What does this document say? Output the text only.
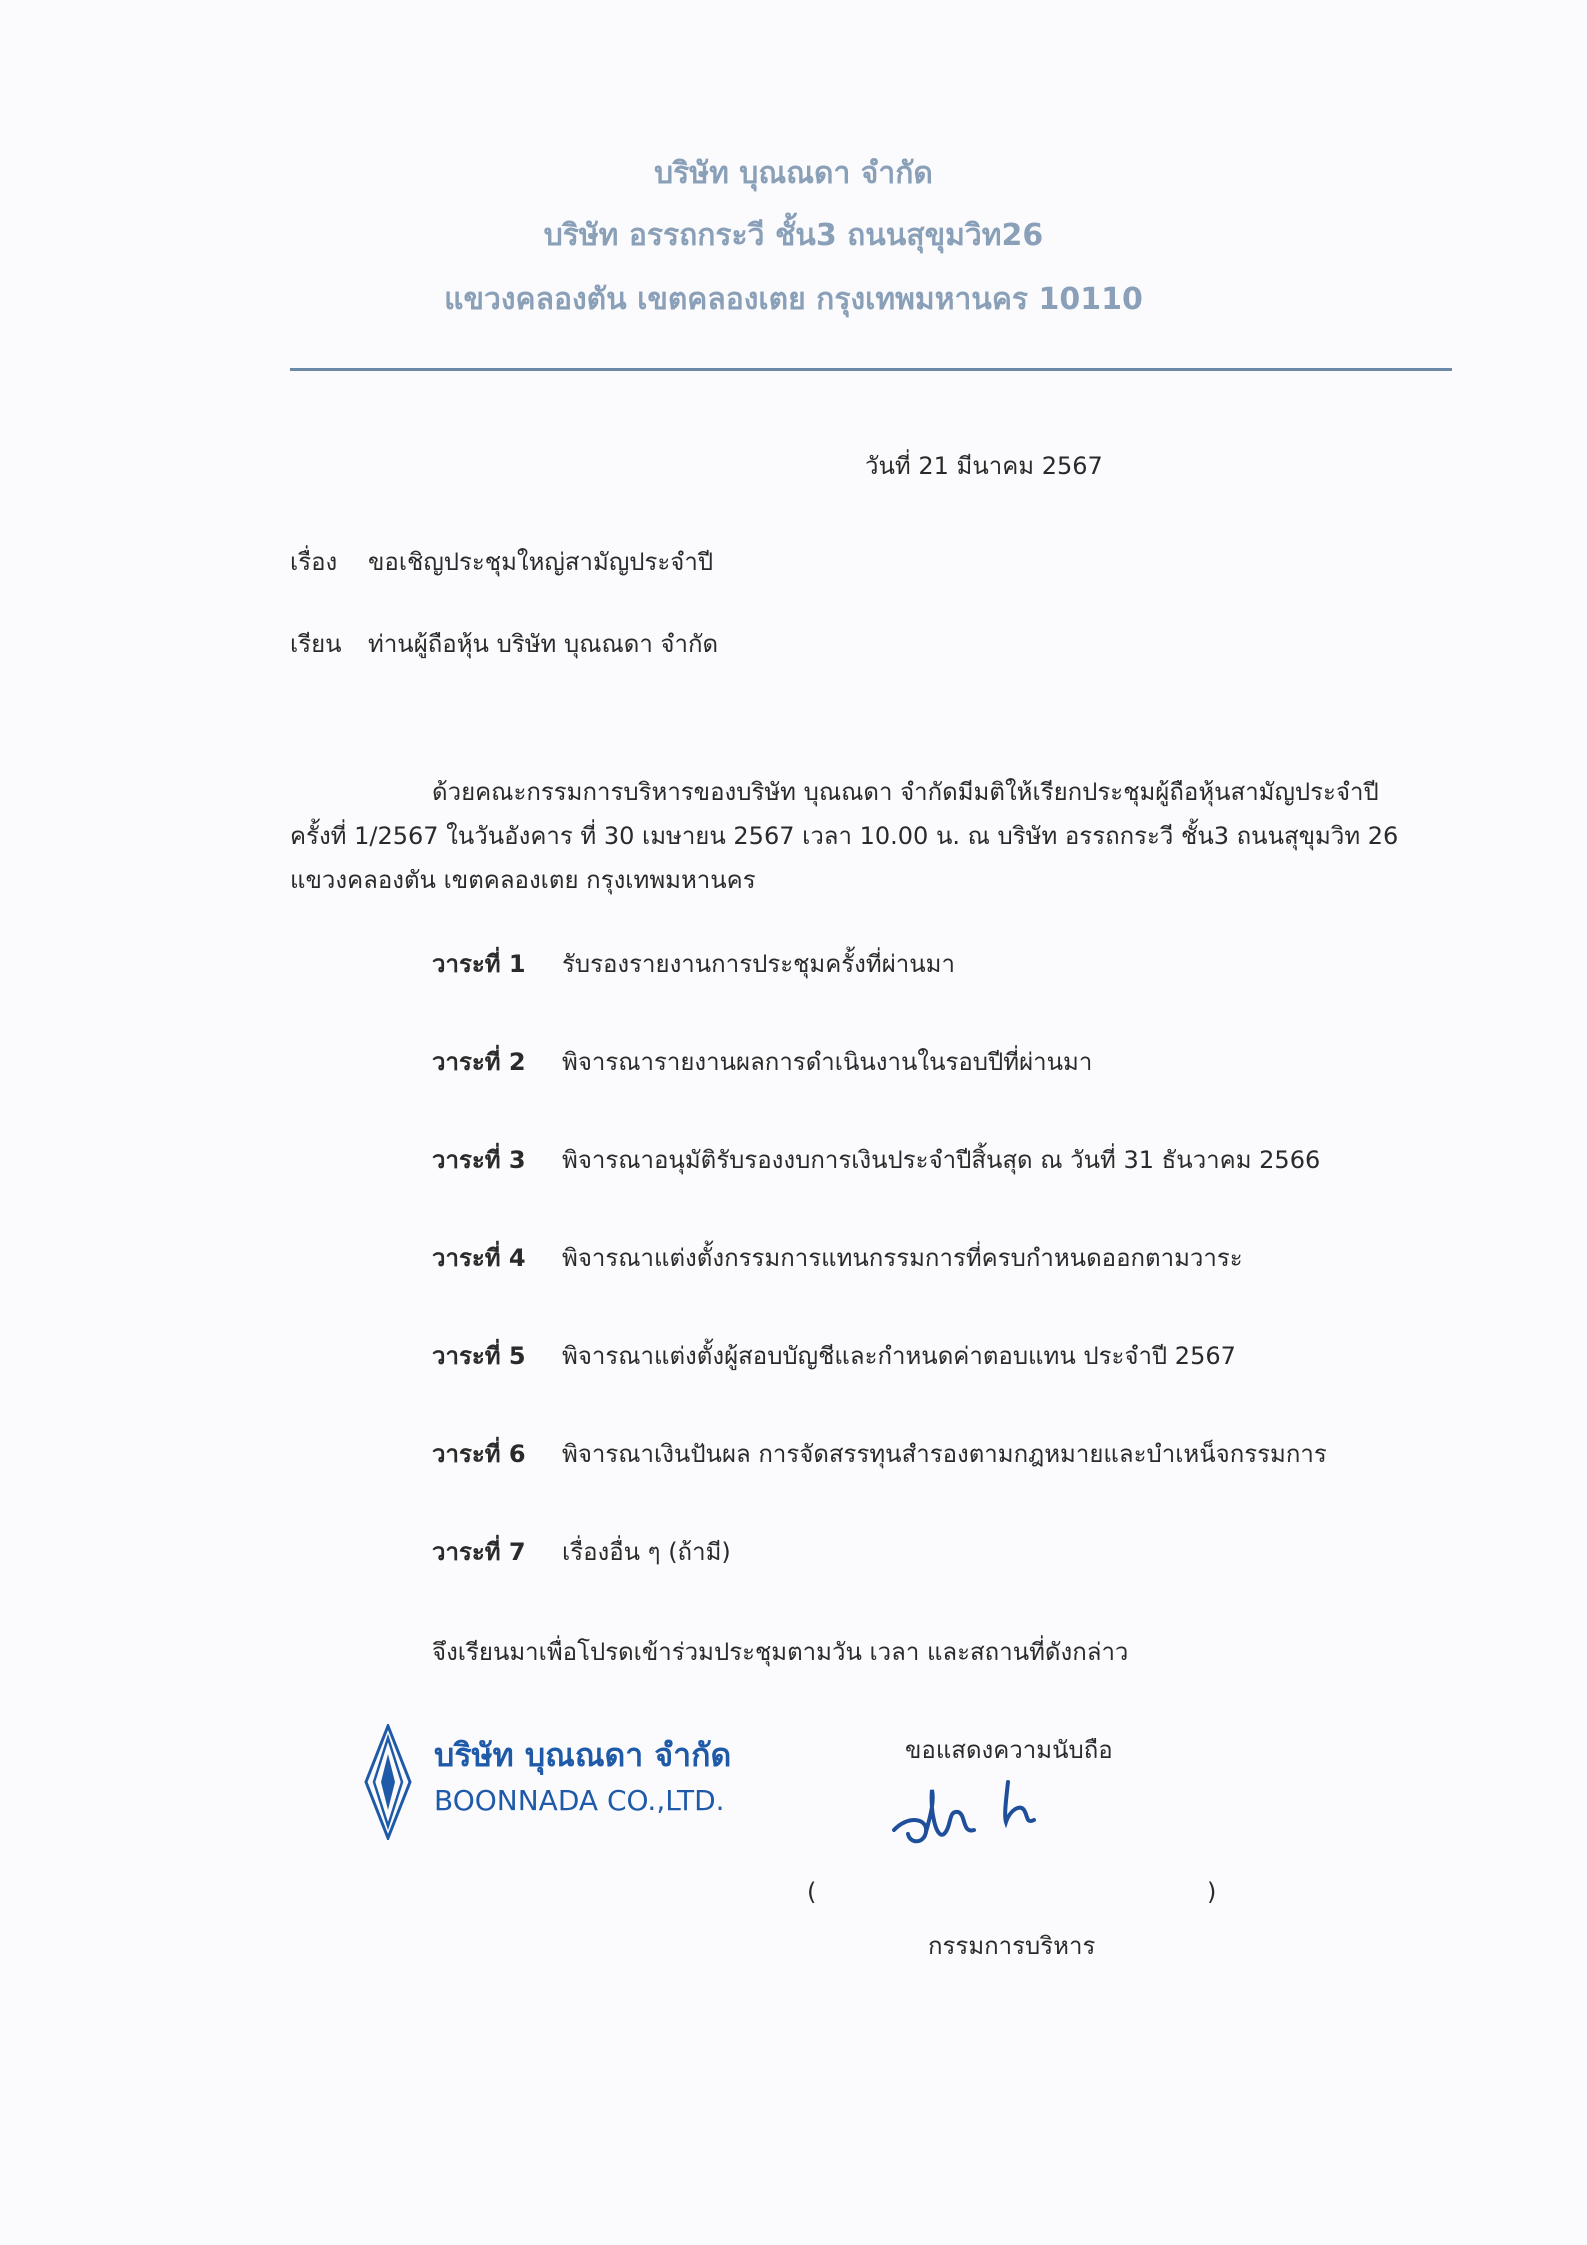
บริษัท บุณณดา จำกัด
บริษัท อรรถกระวี ชั้น3 ถนนสุขุมวิท26
แขวงคลองตัน เขตคลองเตย กรุงเทพมหานคร 10110
วันที่ 21 มีนาคม 2567
เรื่อง ขอเชิญประชุมใหญ่สามัญประจำปี
เรียน ท่านผู้ถือหุ้น บริษัท บุณณดา จำกัด
ด้วยคณะกรรมการบริหารของบริษัท บุณณดา จำกัดมีมติให้เรียกประชุมผู้ถือหุ้นสามัญประจำปี
ครั้งที่ 1/2567 ในวันอังคาร ที่ 30 เมษายน 2567 เวลา 10.00 น. ณ บริษัท อรรถกระวี ชั้น3 ถนนสุขุมวิท 26
แขวงคลองตัน เขตคลองเตย กรุงเทพมหานคร
วาระที่ 1 รับรองรายงานการประชุมครั้งที่ผ่านมา
วาระที่ 2 พิจารณารายงานผลการดำเนินงานในรอบปีที่ผ่านมา
วาระที่ 3 พิจารณาอนุมัติรับรองงบการเงินประจำปีสิ้นสุด ณ วันที่ 31 ธันวาคม 2566
วาระที่ 4 พิจารณาแต่งตั้งกรรมการแทนกรรมการที่ครบกำหนดออกตามวาระ
วาระที่ 5 พิจารณาแต่งตั้งผู้สอบบัญชีและกำหนดค่าตอบแทน ประจำปี 2567
วาระที่ 6 พิจารณาเงินปันผล การจัดสรรทุนสำรองตามกฎหมายและบำเหน็จกรรมการ
วาระที่ 7 เรื่องอื่น ๆ (ถ้ามี)
จึงเรียนมาเพื่อโปรดเข้าร่วมประชุมตามวัน เวลา และสถานที่ดังกล่าว
บริษัท บุณณดา จำกัด
BOONNADA CO.,LTD.
ขอแสดงความนับถือ
(	)
กรรมการบริหาร
